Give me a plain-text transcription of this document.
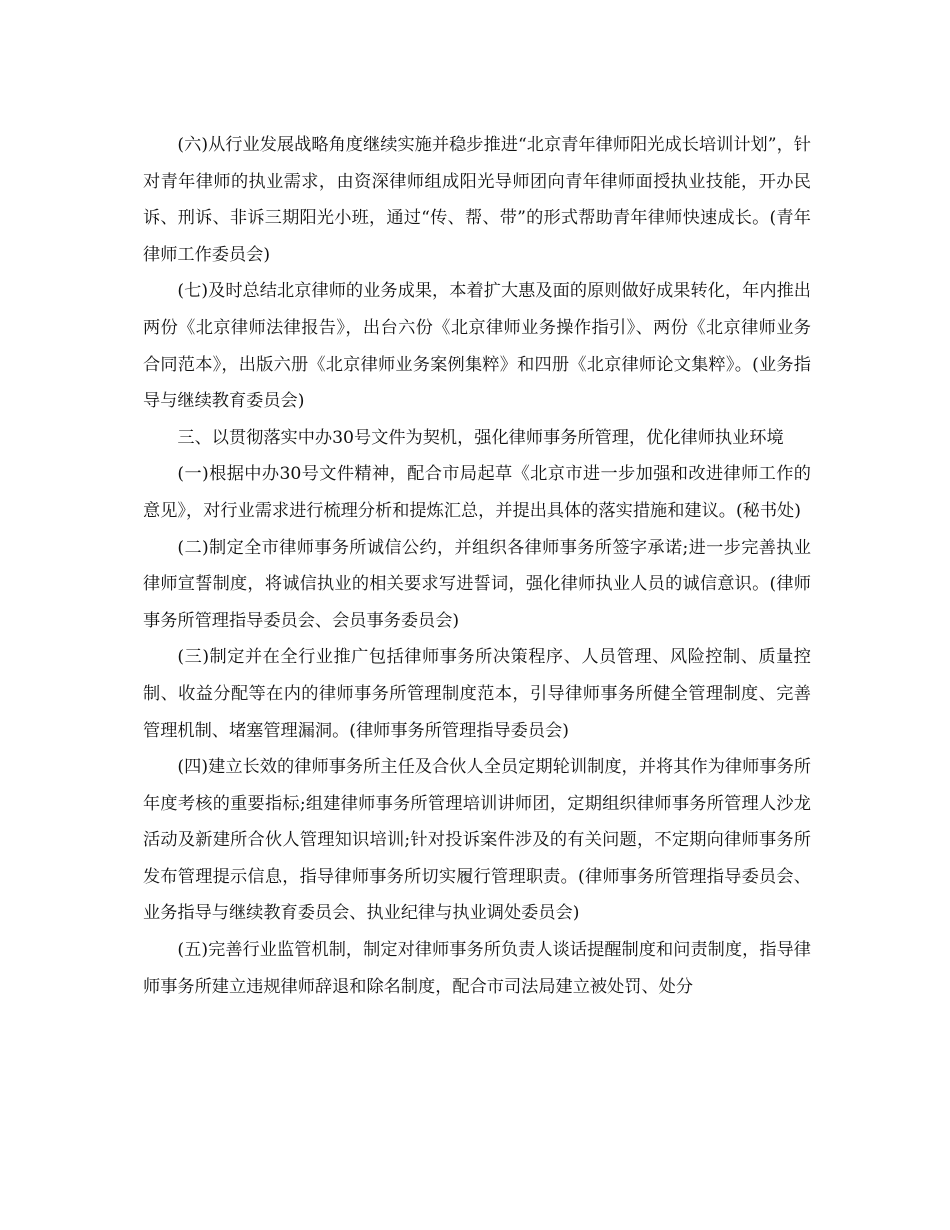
(六)从行业发展战略角度继续实施并稳步推进“北京青年律师阳光成长培训计划”，针对青年律师的执业需求，由资深律师组成阳光导师团向青年律师面授执业技能，开办民诉、刑诉、非诉三期阳光小班，通过“传、帮、带”的形式帮助青年律师快速成长。(青年律师工作委员会)

(七)及时总结北京律师的业务成果，本着扩大惠及面的原则做好成果转化，年内推出两份《北京律师法律报告》，出台六份《北京律师业务操作指引》、两份《北京律师业务合同范本》，出版六册《北京律师业务案例集粹》和四册《北京律师论文集粹》。(业务指导与继续教育委员会)

三、以贯彻落实中办30号文件为契机，强化律师事务所管理，优化律师执业环境

(一)根据中办30号文件精神，配合市局起草《北京市进一步加强和改进律师工作的意见》，对行业需求进行梳理分析和提炼汇总，并提出具体的落实措施和建议。(秘书处)

(二)制定全市律师事务所诚信公约，并组织各律师事务所签字承诺;进一步完善执业律师宣誓制度，将诚信执业的相关要求写进誓词，强化律师执业人员的诚信意识。(律师事务所管理指导委员会、会员事务委员会)

(三)制定并在全行业推广包括律师事务所决策程序、人员管理、风险控制、质量控制、收益分配等在内的律师事务所管理制度范本，引导律师事务所健全管理制度、完善管理机制、堵塞管理漏洞。(律师事务所管理指导委员会)

(四)建立长效的律师事务所主任及合伙人全员定期轮训制度，并将其作为律师事务所年度考核的重要指标;组建律师事务所管理培训讲师团，定期组织律师事务所管理人沙龙活动及新建所合伙人管理知识培训;针对投诉案件涉及的有关问题，不定期向律师事务所发布管理提示信息，指导律师事务所切实履行管理职责。(律师事务所管理指导委员会、业务指导与继续教育委员会、执业纪律与执业调处委员会)

(五)完善行业监管机制，制定对律师事务所负责人谈话提醒制度和问责制度，指导律师事务所建立违规律师辞退和除名制度，配合市司法局建立被处罚、处分
